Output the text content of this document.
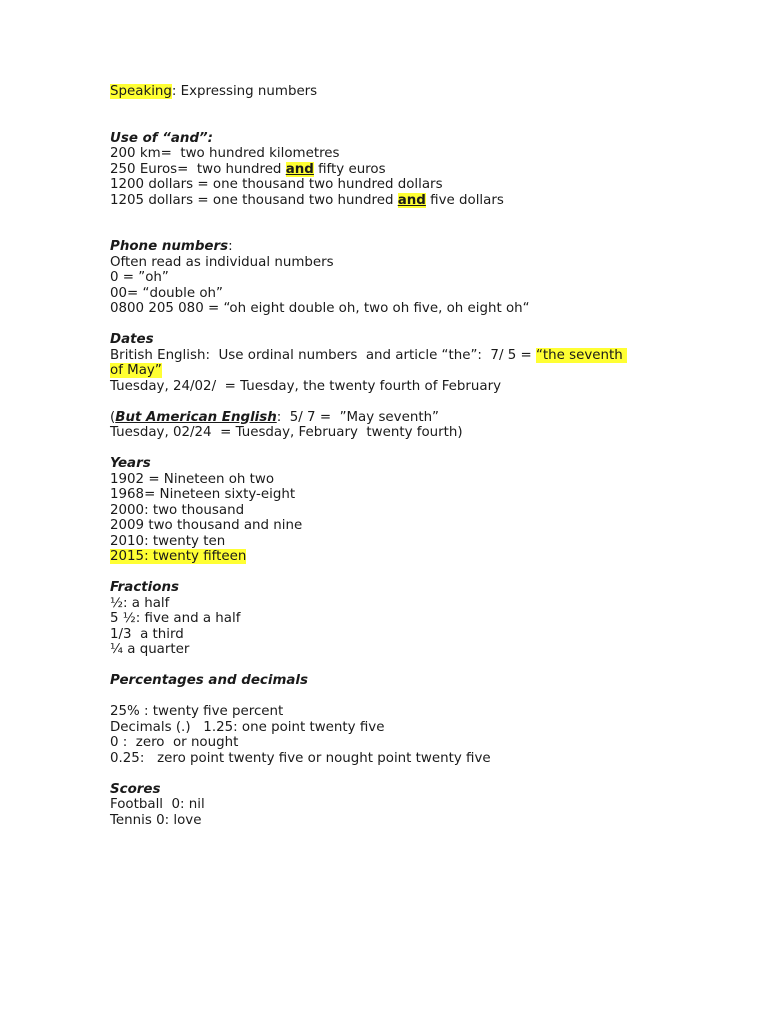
Speaking: Expressing numbers
Use of “and”:
200 km=  two hundred kilometres
250 Euros=  two hundred and fifty euros
1200 dollars = one thousand two hundred dollars
1205 dollars = one thousand two hundred and five dollars
Phone numbers:
Often read as individual numbers
0 = ”oh”
00= “double oh”
0800 205 080 = “oh eight double oh, two oh five, oh eight oh“
Dates
British English:  Use ordinal numbers  and article “the”:  7/ 5 = “the seventh
of May”
Tuesday, 24/02/  = Tuesday, the twenty fourth of February
(But American English:  5/ 7 =  ”May seventh”
Tuesday, 02/24  = Tuesday, February  twenty fourth)
Years
1902 = Nineteen oh two
1968= Nineteen sixty-eight
2000: two thousand
2009 two thousand and nine
2010: twenty ten
2015: twenty fifteen
Fractions
½: a half
5 ½: five and a half
1/3  a third
¼ a quarter
Percentages and decimals
25% : twenty five percent
Decimals (.)   1.25: one point twenty five
0 :  zero  or nought
0.25:   zero point twenty five or nought point twenty five
Scores
Football  0: nil
Tennis 0: love
